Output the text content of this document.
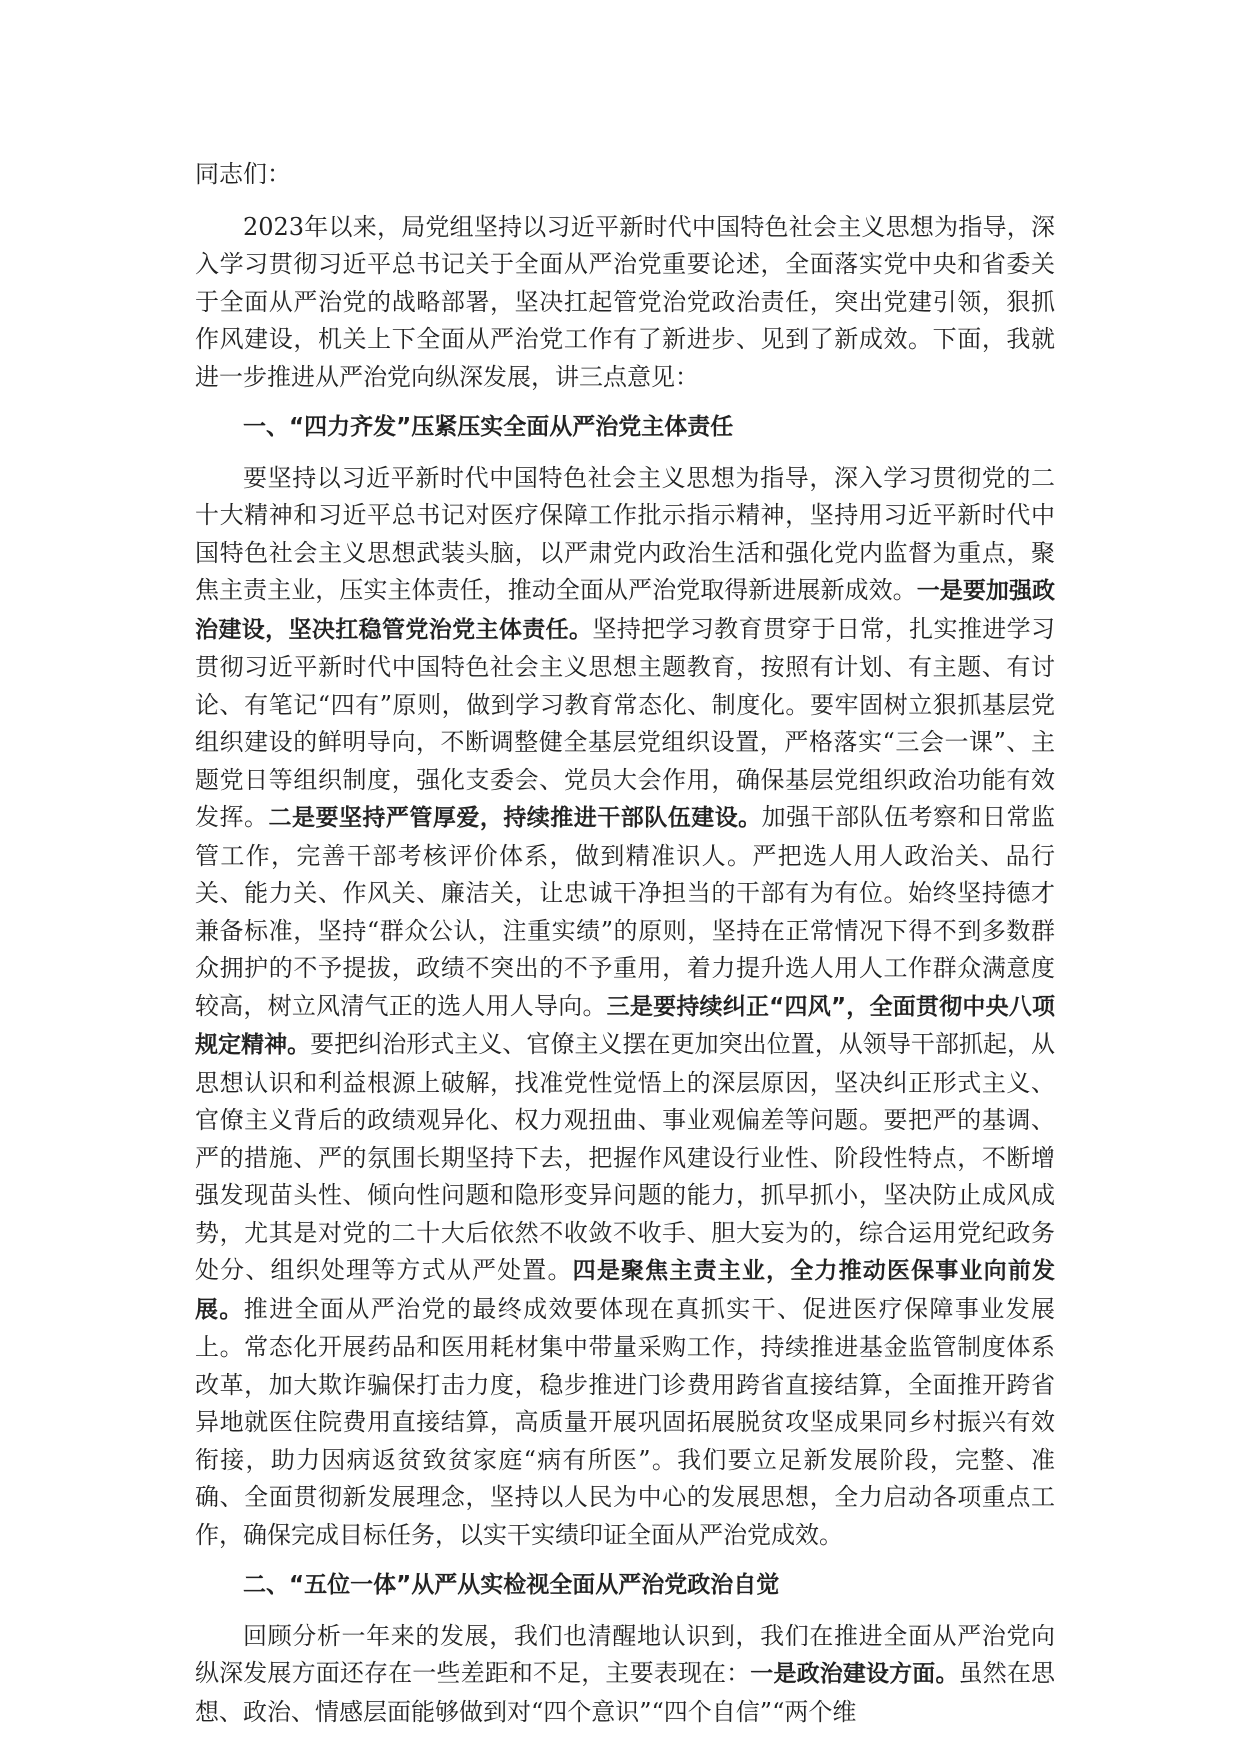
同志们：

2023年以来，局党组坚持以习近平新时代中国特色社会主义思想为指导，深入学习贯彻习近平总书记关于全面从严治党重要论述，全面落实党中央和省委关于全面从严治党的战略部署，坚决扛起管党治党政治责任，突出党建引领，狠抓作风建设，机关上下全面从严治党工作有了新进步、见到了新成效。下面，我就进一步推进从严治党向纵深发展，讲三点意见：

一、“四力齐发”压紧压实全面从严治党主体责任

要坚持以习近平新时代中国特色社会主义思想为指导，深入学习贯彻党的二十大精神和习近平总书记对医疗保障工作批示指示精神，坚持用习近平新时代中国特色社会主义思想武装头脑，以严肃党内政治生活和强化党内监督为重点，聚焦主责主业，压实主体责任，推动全面从严治党取得新进展新成效。一是要加强政治建设，坚决扛稳管党治党主体责任。坚持把学习教育贯穿于日常，扎实推进学习贯彻习近平新时代中国特色社会主义思想主题教育，按照有计划、有主题、有讨论、有笔记“四有”原则，做到学习教育常态化、制度化。要牢固树立狠抓基层党组织建设的鲜明导向，不断调整健全基层党组织设置，严格落实“三会一课”、主题党日等组织制度，强化支委会、党员大会作用，确保基层党组织政治功能有效发挥。二是要坚持严管厚爱，持续推进干部队伍建设。加强干部队伍考察和日常监管工作，完善干部考核评价体系，做到精准识人。严把选人用人政治关、品行关、能力关、作风关、廉洁关，让忠诚干净担当的干部有为有位。始终坚持德才兼备标准，坚持“群众公认，注重实绩”的原则，坚持在正常情况下得不到多数群众拥护的不予提拔，政绩不突出的不予重用，着力提升选人用人工作群众满意度较高，树立风清气正的选人用人导向。三是要持续纠正“四风”，全面贯彻中央八项规定精神。要把纠治形式主义、官僚主义摆在更加突出位置，从领导干部抓起，从思想认识和利益根源上破解，找准党性觉悟上的深层原因，坚决纠正形式主义、官僚主义背后的政绩观异化、权力观扭曲、事业观偏差等问题。要把严的基调、严的措施、严的氛围长期坚持下去，把握作风建设行业性、阶段性特点，不断增强发现苗头性、倾向性问题和隐形变异问题的能力，抓早抓小，坚决防止成风成势，尤其是对党的二十大后依然不收敛不收手、胆大妄为的，综合运用党纪政务处分、组织处理等方式从严处置。四是聚焦主责主业，全力推动医保事业向前发展。推进全面从严治党的最终成效要体现在真抓实干、促进医疗保障事业发展上。常态化开展药品和医用耗材集中带量采购工作，持续推进基金监管制度体系改革，加大欺诈骗保打击力度，稳步推进门诊费用跨省直接结算，全面推开跨省异地就医住院费用直接结算，高质量开展巩固拓展脱贫攻坚成果同乡村振兴有效衔接，助力因病返贫致贫家庭“病有所医”。我们要立足新发展阶段，完整、准确、全面贯彻新发展理念，坚持以人民为中心的发展思想，全力启动各项重点工作，确保完成目标任务，以实干实绩印证全面从严治党成效。

二、“五位一体”从严从实检视全面从严治党政治自觉

回顾分析一年来的发展，我们也清醒地认识到，我们在推进全面从严治党向纵深发展方面还存在一些差距和不足，主要表现在：一是政治建设方面。虽然在思想、政治、情感层面能够做到对“四个意识”“四个自信”“两个维
